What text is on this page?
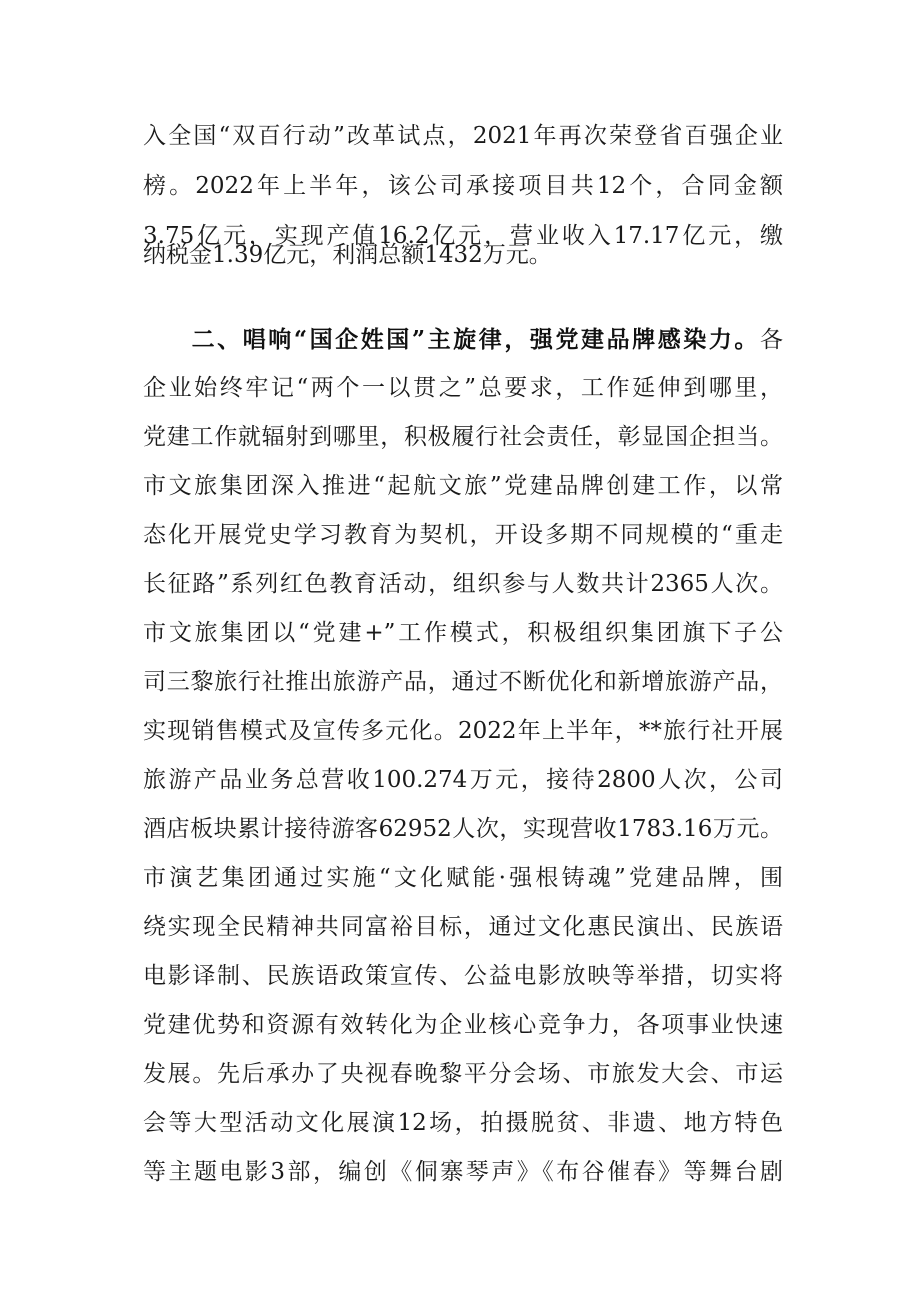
入全国“双百行动”改革试点，2021年再次荣登省百强企业
榜。2022年上半年，该公司承接项目共12个，合同金额
3.75亿元，实现产值16.2亿元，营业收入17.17亿元，缴
纳税金1.39亿元，利润总额1432万元。
二、唱响“国企姓国”主旋律，强党建品牌感染力。各
企业始终牢记“两个一以贯之”总要求，工作延伸到哪里，
党建工作就辐射到哪里，积极履行社会责任，彰显国企担当。
市文旅集团深入推进“起航文旅”党建品牌创建工作，以常
态化开展党史学习教育为契机，开设多期不同规模的“重走
长征路”系列红色教育活动，组织参与人数共计2365人次。
市文旅集团以“党建+”工作模式，积极组织集团旗下子公
司三黎旅行社推出旅游产品，通过不断优化和新增旅游产品，
实现销售模式及宣传多元化。2022年上半年，**旅行社开展
旅游产品业务总营收100.274万元，接待2800人次，公司
酒店板块累计接待游客62952人次，实现营收1783.16万元。
市演艺集团通过实施“文化赋能·强根铸魂”党建品牌，围
绕实现全民精神共同富裕目标，通过文化惠民演出、民族语
电影译制、民族语政策宣传、公益电影放映等举措，切实将
党建优势和资源有效转化为企业核心竞争力，各项事业快速
发展。先后承办了央视春晚黎平分会场、市旅发大会、市运
会等大型活动文化展演12场，拍摄脱贫、非遗、地方特色
等主题电影3部，编创《侗寨琴声》《布谷催春》等舞台剧
